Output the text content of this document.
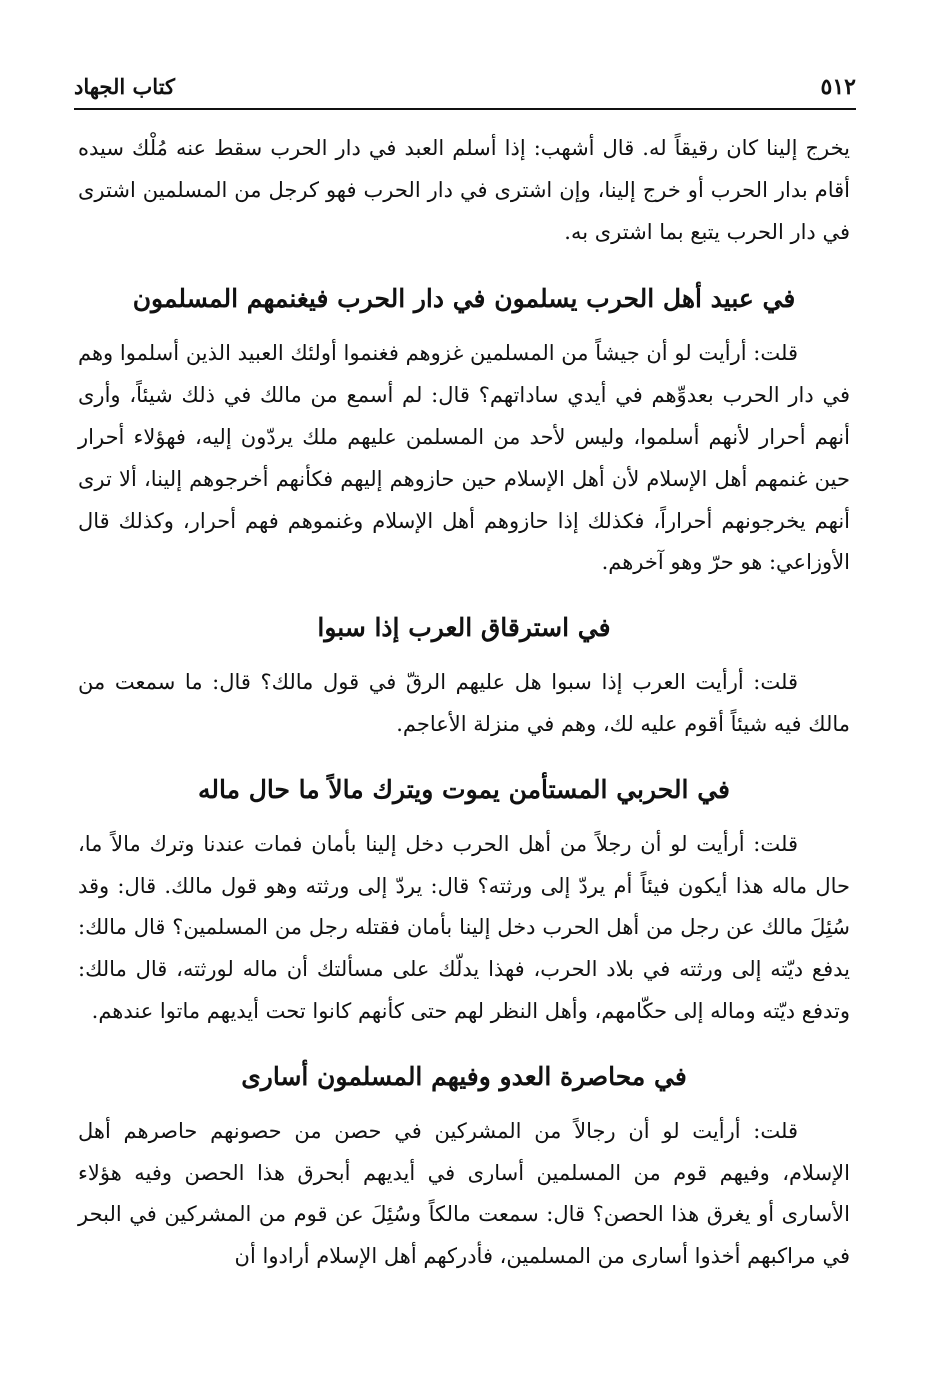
٥١٢
كتاب الجهاد

يخرج إلينا كان رقيقاً له. قال أشهب: إذا أسلم العبد في دار الحرب سقط عنه مُلْك سيده أقام بدار الحرب أو خرج إلينا، وإن اشترى في دار الحرب فهو كرجل من المسلمين اشترى في دار الحرب يتبع بما اشترى به.

في عبيد أهل الحرب يسلمون في دار الحرب فيغنمهم المسلمون

قلت: أرأيت لو أن جيشاً من المسلمين غزوهم فغنموا أولئك العبيد الذين أسلموا وهم في دار الحرب بعدوِّهم في أيدي ساداتهم؟ قال: لم أسمع من مالك في ذلك شيئاً، وأرى أنهم أحرار لأنهم أسلموا، وليس لأحد من المسلمن عليهم ملك يردّون إليه، فهؤلاء أحرار حين غنمهم أهل الإسلام لأن أهل الإسلام حين حازوهم إليهم فكأنهم أخرجوهم إلينا، ألا ترى أنهم يخرجونهم أحراراً، فكذلك إذا حازوهم أهل الإسلام وغنموهم فهم أحرار، وكذلك قال الأوزاعي: هو حرّ وهو آخرهم.

في استرقاق العرب إذا سبوا

قلت: أرأيت العرب إذا سبوا هل عليهم الرقّ في قول مالك؟ قال: ما سمعت من مالك فيه شيئاً أقوم عليه لك، وهم في منزلة الأعاجم.

في الحربي المستأمن يموت ويترك مالاً ما حال ماله

قلت: أرأيت لو أن رجلاً من أهل الحرب دخل إلينا بأمان فمات عندنا وترك مالاً ما، حال ماله هذا أيكون فيئاً أم يردّ إلى ورثته؟ قال: يردّ إلى ورثته وهو قول مالك. قال: وقد سُئِلَ مالك عن رجل من أهل الحرب دخل إلينا بأمان فقتله رجل من المسلمين؟ قال مالك: يدفع ديّته إلى ورثته في بلاد الحرب، فهذا يدلّك على مسألتك أن ماله لورثته، قال مالك: وتدفع ديّته وماله إلى حكّامهم، وأهل النظر لهم حتى كأنهم كانوا تحت أيديهم ماتوا عندهم.

في محاصرة العدو وفيهم المسلمون أسارى

قلت: أرأيت لو أن رجالاً من المشركين في حصن من حصونهم حاصرهم أهل الإسلام، وفيهم قوم من المسلمين أسارى في أيديهم أبحرق هذا الحصن وفيه هؤلاء الأسارى أو يغرق هذا الحصن؟ قال: سمعت مالكاً وسُئِلَ عن قوم من المشركين في البحر في مراكبهم أخذوا أسارى من المسلمين، فأدركهم أهل الإسلام أرادوا أن
